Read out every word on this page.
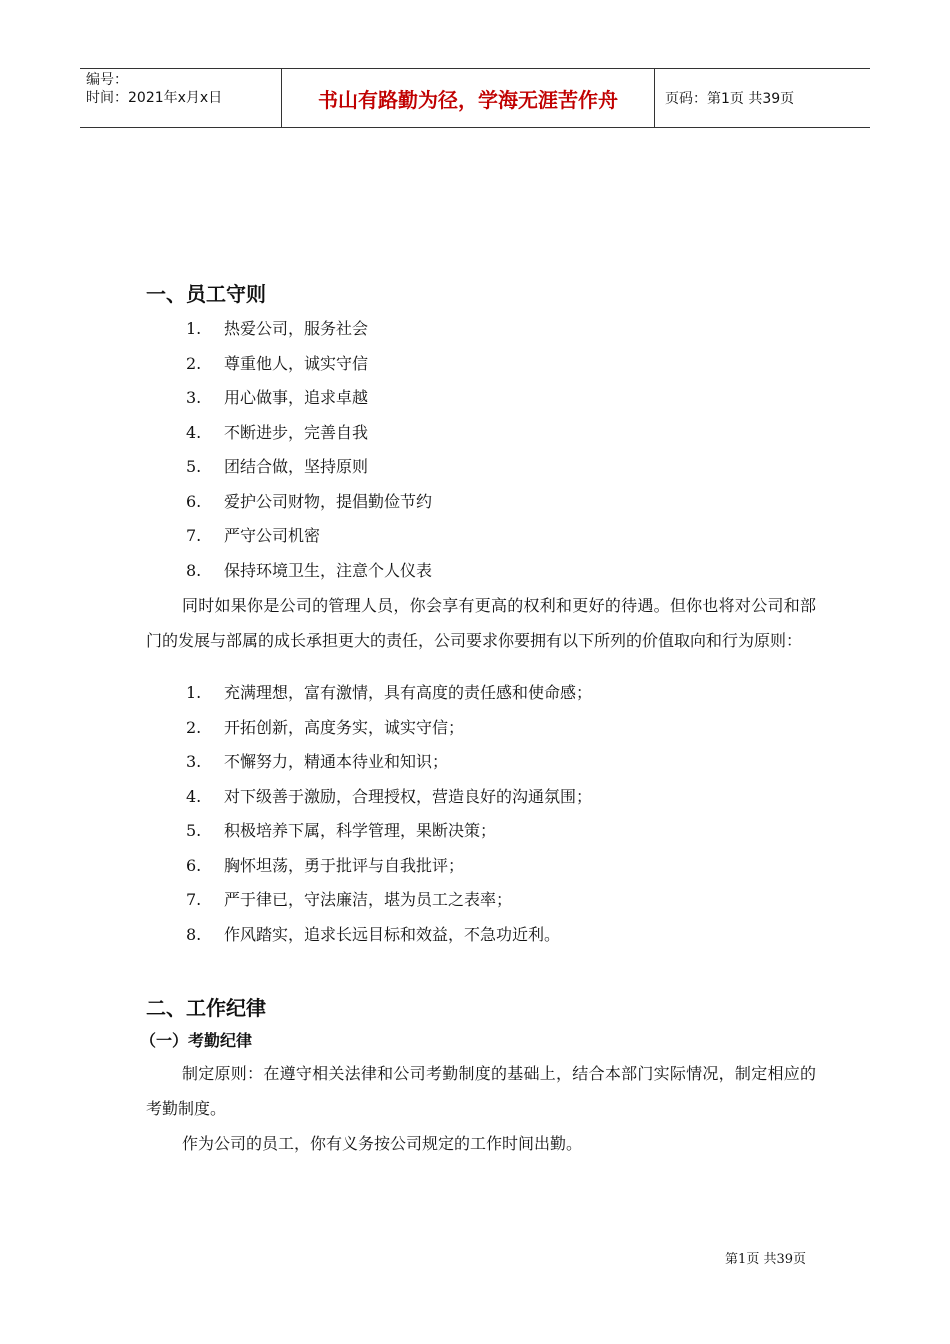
编号：
时间：2021年x月x日	书山有路勤为径，学海无涯苦作舟	页码：第1页 共39页
一、员工守则
1.	热爱公司，服务社会
2.	尊重他人，诚实守信
3.	用心做事，追求卓越
4.	不断进步，完善自我
5.	团结合做，坚持原则
6.	爱护公司财物，提倡勤俭节约
7.	严守公司机密
8.	保持环境卫生，注意个人仪表

同时如果你是公司的管理人员，你会享有更高的权利和更好的待遇。但你也将对公司和部门的发展与部属的成长承担更大的责任，公司要求你要拥有以下所列的价值取向和行为原则：

1.	充满理想，富有激情，具有高度的责任感和使命感；
2.	开拓创新，高度务实，诚实守信；
3.	不懈努力，精通本待业和知识；
4.	对下级善于激励，合理授权，营造良好的沟通氛围；
5.	积极培养下属，科学管理，果断决策；
6.	胸怀坦荡，勇于批评与自我批评；
7.	严于律已，守法廉洁，堪为员工之表率；
8.	作风踏实，追求长远目标和效益，不急功近利。
二、工作纪律
（一）考勤纪律

制定原则：在遵守相关法律和公司考勤制度的基础上，结合本部门实际情况，制定相应的考勤制度。

作为公司的员工，你有义务按公司规定的工作时间出勤。

第1页 共39页
